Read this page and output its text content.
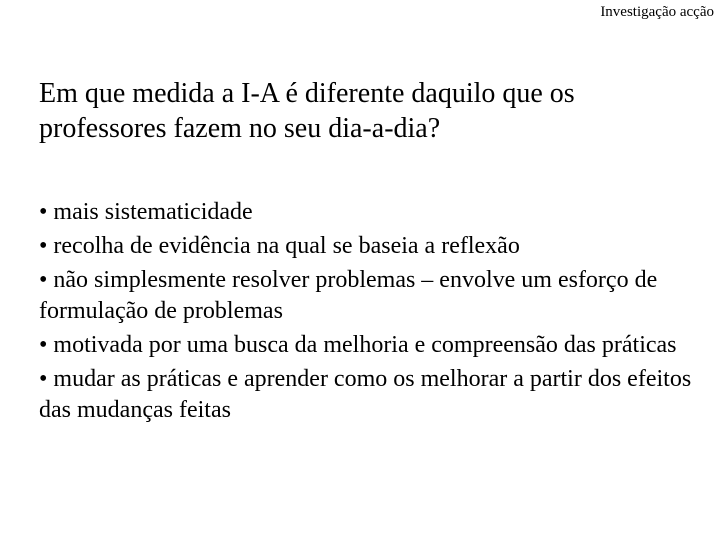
Investigação acção
Em que medida a I-A é diferente daquilo que os professores fazem no seu dia-a-dia?
• mais sistematicidade
• recolha de evidência na qual se baseia a reflexão
• não simplesmente resolver problemas – envolve um esforço de formulação de problemas
• motivada por uma busca da melhoria e compreensão das práticas
• mudar as práticas e aprender como os melhorar a partir dos efeitos das mudanças feitas
